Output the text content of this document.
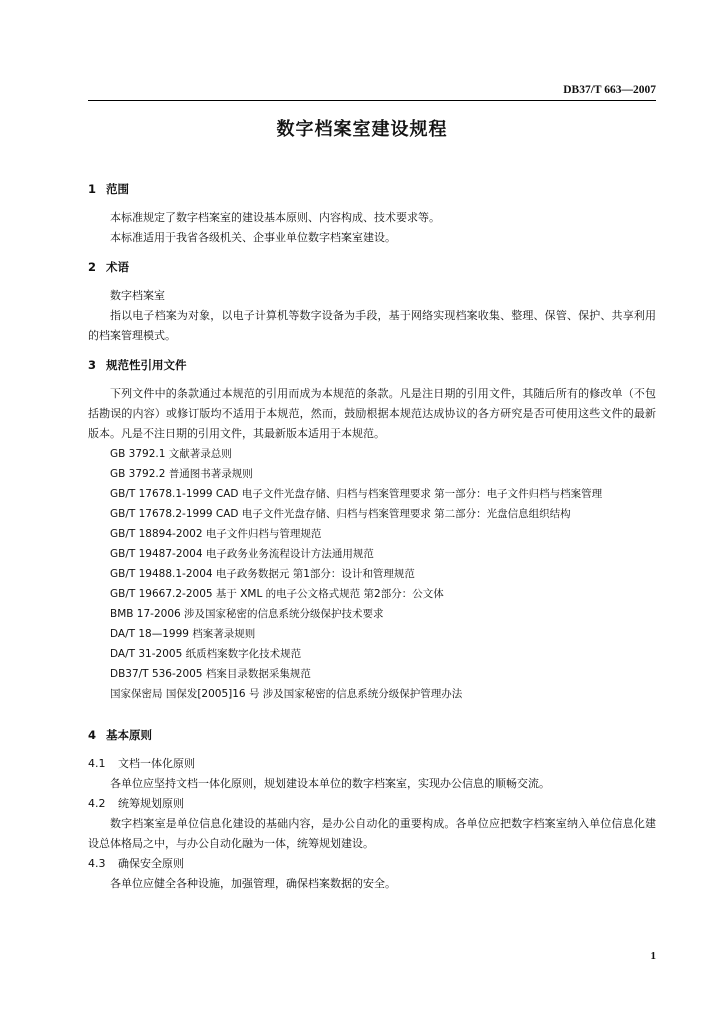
DB37/T 663—2007
数字档案室建设规程
1 范围

本标准规定了数字档案室的建设基本原则、内容构成、技术要求等。

本标准适用于我省各级机关、企事业单位数字档案室建设。

2 术语

数字档案室

指以电子档案为对象，以电子计算机等数字设备为手段，基于网络实现档案收集、整理、保管、保护、共享利用的档案管理模式。

3 规范性引用文件

下列文件中的条款通过本规范的引用而成为本规范的条款。凡是注日期的引用文件，其随后所有的修改单（不包括勘误的内容）或修订版均不适用于本规范，然而，鼓励根据本规范达成协议的各方研究是否可使用这些文件的最新版本。凡是不注日期的引用文件，其最新版本适用于本规范。

GB 3792.1 文献著录总则

GB 3792.2 普通图书著录规则

GB/T 17678.1-1999 CAD 电子文件光盘存储、归档与档案管理要求 第一部分：电子文件归档与档案管理

GB/T 17678.2-1999 CAD 电子文件光盘存储、归档与档案管理要求 第二部分：光盘信息组织结构

GB/T 18894-2002 电子文件归档与管理规范

GB/T 19487-2004 电子政务业务流程设计方法通用规范

GB/T 19488.1-2004 电子政务数据元 第1部分：设计和管理规范

GB/T 19667.2-2005 基于 XML 的电子公文格式规范 第2部分：公文体

BMB 17-2006 涉及国家秘密的信息系统分级保护技术要求

DA/T 18—1999 档案著录规则

DA/T 31-2005 纸质档案数字化技术规范

DB37/T 536-2005 档案目录数据采集规范

国家保密局 国保发[2005]16 号 涉及国家秘密的信息系统分级保护管理办法

4 基本原则
4.1 文档一体化原则

各单位应坚持文档一体化原则，规划建设本单位的数字档案室，实现办公信息的顺畅交流。

4.2 统筹规划原则

数字档案室是单位信息化建设的基础内容，是办公自动化的重要构成。各单位应把数字档案室纳入单位信息化建设总体格局之中，与办公自动化融为一体，统筹规划建设。

4.3 确保安全原则

各单位应健全各种设施，加强管理，确保档案数据的安全。

1
